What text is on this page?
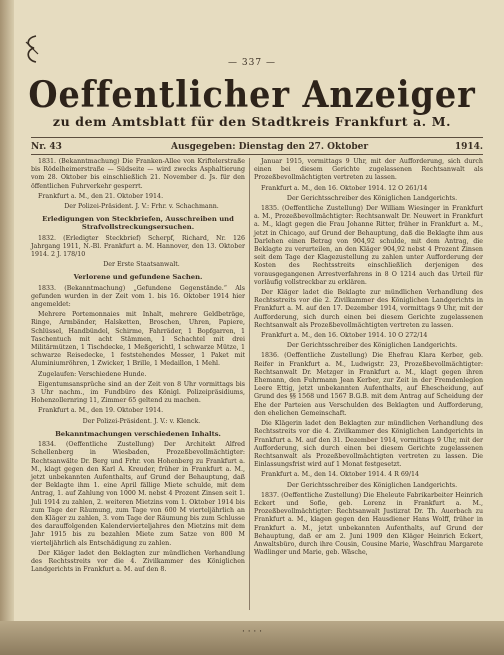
— 337 —
Oeffentlicher Anzeiger
zu dem Amtsblatt für den Stadtkreis Frankfurt a. M.
Nr. 43	Ausgegeben: Dienstag den 27. Oktober	1914.

1831. (Bekanntmachung) Die Franken-Allee von Kriftelerstraße bis Rödelheimerstraße — Südseite — wird zwecks Asphaltierung vom 28. Oktober bis einschließlich 21. November d. Js. für den öffentlichen Fuhrverkehr gesperrt.

Frankfurt a. M., den 21. Oktober 1914.

Der Polizei-Präsident. J. V.: Frhr. v. Schachmann.

Erledigungen von Steckbriefen, Ausschreiben und Strafvollstreckungsersuchen.

1832. (Erledigter Steckbrief) Scherpf, Richard, Nr. 126 Jahrgang 1911, N.-Bl. Frankfurt a. M. Hannover, den 13. Oktober 1914. 2 J. 178/10

Der Erste Staatsanwalt.

Verlorene und gefundene Sachen.

1833. (Bekanntmachung) „Gefundene Gegenstände.“ Als gefunden wurden in der Zeit vom 1. bis 16. Oktober 1914 hier angemeldet:

Mehrere Portemonnaies mit Inhalt, mehrere Geldbeträge, Ringe, Armbänder, Halsketten, Broschen, Uhren, Papiere, Schlüssel, Handbündel, Schirme, Fahrräder, 1 Bopfgarren, 1 Taschentuch mit acht Stämmen, 1 Schachtel mit drei Militärmützen, 1 Tischdecke, 1 Meßgerichtl, 1 schwarze Mütze, 1 schwarze Reisedecke, 1 feststehendes Messer, 1 Paket mit Aluminiumröhren, 1 Zwicker, 1 Brille, 1 Medaillon, 1 Mehl.

Zugelaufen: Verschiedene Hunde.

Eigentumsansprüche sind an der Zeit von 8 Uhr vormittags bis 3 Uhr nachm., im Fundbüro des Königl. Polizeipräsidiums, Hohenzollernring 11, Zimmer 65 geltend zu machen.

Frankfurt a. M., den 19. Oktober 1914.

Der Polizei-Präsident. J. V.: v. Klenck.

Bekanntmachungen verschiedenen Inhalts.

1834. (Oeffentliche Zustellung) Der Architekt Alfred Schellenberg in Wiesbaden, Prozeßbevollmächtigter: Rechtsanwälte Dr. Berg und Frhr. von Hohenberg zu Frankfurt a. M., klagt gegen den Karl A. Kreuder, früher in Frankfurt a. M., jetzt unbekannten Aufenthalts, auf Grund der Behauptung, daß der Beklagte ihm 1. eine April fällige Miete schulde, mit dem Antrag, 1. auf Zahlung von 1000 M. nebst 4 Prozent Zinsen seit 1. Juli 1914 zu zahlen, 2. weiteren Mietzins vom 1. Oktober 1914 bis zum Tage der Räumung, zum Tage von 600 M vierteljährlich an den Kläger zu zahlen, 3. vom Tage der Räumung bis zum Schlusse des darauffolgenden Kalendervierteljahres den Mietzins mit dem Jahr 1915 bis zu bezahlen Miete zum Satze von 800 M vierteljährlich als Entschädigung zu zahlen.

Der Kläger ladet den Beklagten zur mündlichen Verhandlung des Rechtsstreits vor die 4. Zivilkammer des Königlichen Landgerichts in Frankfurt a. M. auf den 8.

Januar 1915, vormittags 9 Uhr, mit der Aufforderung, sich durch einen bei diesem Gerichte zugelassenen Rechtsanwalt als Prozeßbevollmächtigten vertreten zu lassen.

Frankfurt a. M., den 16. Oktober 1914. 12 O 261/14

Der Gerichtsschreiber des Königlichen Landgerichts.

1835. (Oeffentliche Zustellung) Der William Wiesinger in Frankfurt a. M., Prozeßbevollmächtigter: Rechtsanwalt Dr. Neuwert in Frankfurt a. M., klagt gegen die Frau Johanne Ritter, früher in Frankfurt a. M., jetzt in Chicago, auf Grund der Behauptung, daß die Beklagte ihm aus Darlehen einen Betrag von 904,92 schulde, mit dem Antrag, die Beklagte zu verurteilen, an den Kläger 904,92 nebst 4 Prozent Zinsen seit dem Tage der Klagezustellung zu zahlen unter Aufforderung der Kosten des Rechtsstreits einschließlich derjenigen des vorausgegangenen Arrestverfahrens in 8 O 1214 auch das Urteil für vorläufig vollstreckbar zu erklären.

Der Kläger ladet die Beklagte zur mündlichen Verhandlung des Rechtsstreits vor die 2. Zivilkammer des Königlichen Landgerichts in Frankfurt a. M. auf den 17. Dezember 1914, vormittags 9 Uhr, mit der Aufforderung, sich durch einen bei diesem Gerichte zugelassenen Rechtsanwalt als Prozeßbevollmächtigten vertreten zu lassen.

Frankfurt a. M., den 16. Oktober 1914. 10 O 272/14

Der Gerichtsschreiber des Königlichen Landgerichts.

1836. (Oeffentliche Zustellung) Die Ehefrau Klara Kerber, geb. Reifer in Frankfurt a. M., Ludwigstr. 23, Prozeßbevollmächtigter: Rechtsanwalt Dr. Metzger in Frankfurt a. M., klagt gegen ihren Ehemann, den Fuhrmann Jean Kerber, zur Zeit in der Fremdenlegion Leere Ettig, jetzt unbekannten Aufenthalts, auf Ehescheidung, auf Grund des §§ 1568 und 1567 B.G.B. mit dem Antrag auf Scheidung der Ehe der Parteien aus Verschulden des Beklagten und Aufforderung, den ehelichen Gemeinschaft.

Die Klägerin ladet den Beklagten zur mündlichen Verhandlung des Rechtsstreits vor die 4. Zivilkammer des Königlichen Landgerichts in Frankfurt a. M. auf den 31. Dezember 1914, vormittags 9 Uhr, mit der Aufforderung, sich durch einen bei diesem Gerichte zugelassenen Rechtsanwalt als Prozeßbevollmächtigten vertreten zu lassen. Die Einlassungsfrist wird auf 1 Monat festgesetzt.

Frankfurt a. M., den 14. Oktober 1914. 4 R 69/14

Der Gerichtsschreiber des Königlichen Landgerichts.

1837. (Oeffentliche Zustellung) Die Eheleute Fabrikarbeiter Heinrich Eckert und Sofie, geb. Lorenz in Frankfurt a. M., Prozeßbevollmächtigter: Rechtsanwalt Justizrat Dr. Th. Auerbach zu Frankfurt a. M., klagen gegen den Hausdiener Hans Wolff, früher in Frankfurt a. M., jetzt unbekannten Aufenthalts, auf Grund der Behauptung, daß er am 2. Juni 1909 den Kläger Heinrich Eckert, Anwaltsbüro, durch ihre Cousin, Cousine Marie, Waschfrau Margarete Wadlinger und Marie, geb. Wäsche,

· · · ·
